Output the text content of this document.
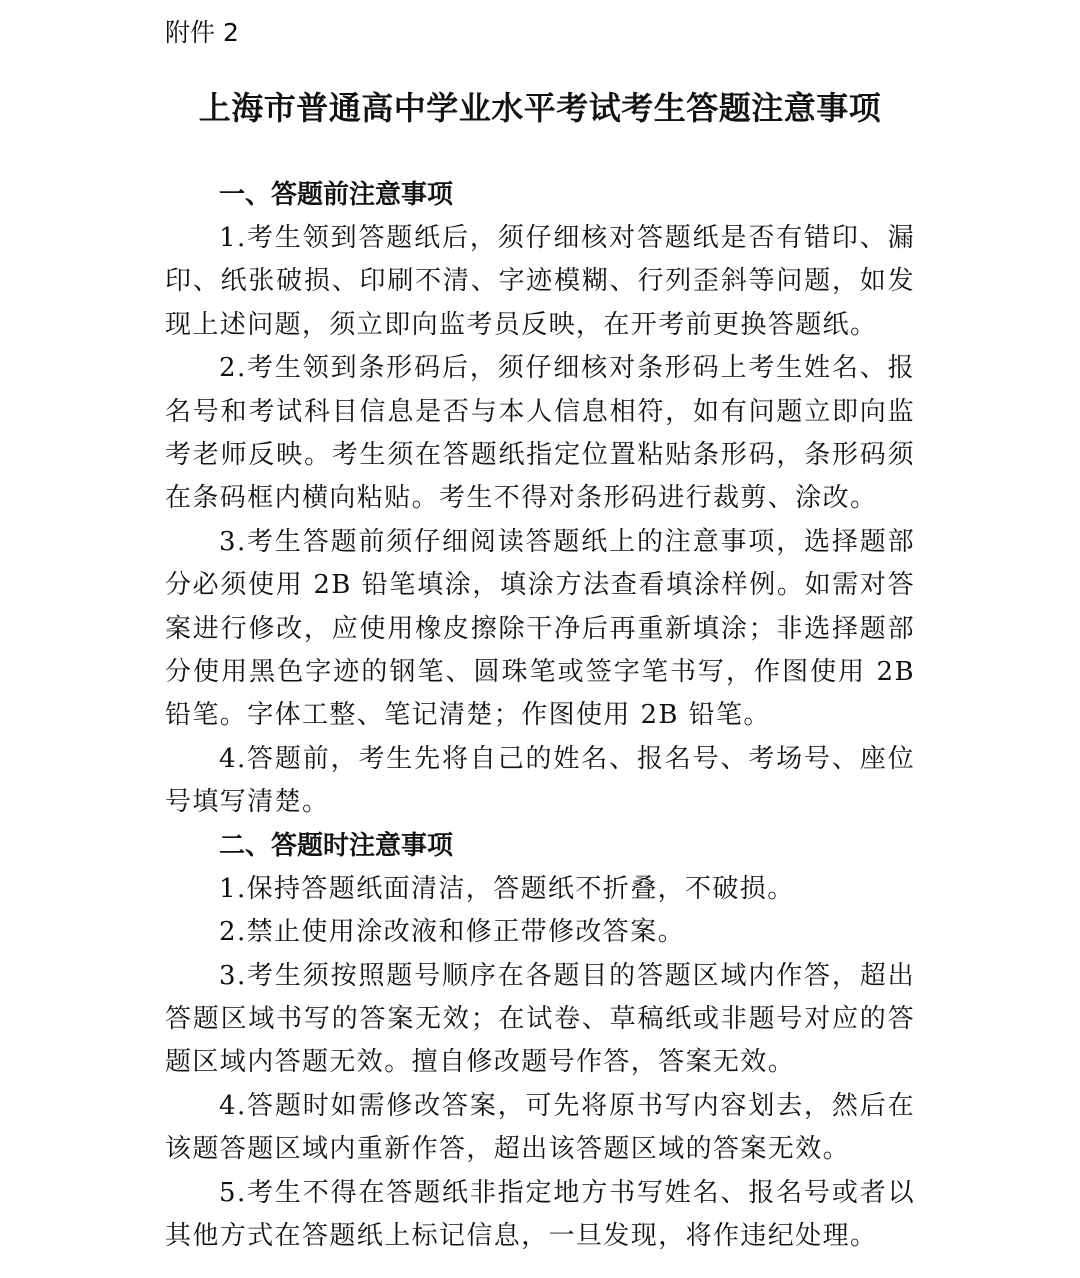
附件 2

上海市普通高中学业水平考试考生答题注意事项
一、答题前注意事项

1.考生领到答题纸后，须仔细核对答题纸是否有错印、漏印、纸张破损、印刷不清、字迹模糊、行列歪斜等问题，如发现上述问题，须立即向监考员反映，在开考前更换答题纸。

2.考生领到条形码后，须仔细核对条形码上考生姓名、报名号和考试科目信息是否与本人信息相符，如有问题立即向监考老师反映。考生须在答题纸指定位置粘贴条形码，条形码须在条码框内横向粘贴。考生不得对条形码进行裁剪、涂改。

3.考生答题前须仔细阅读答题纸上的注意事项，选择题部分必须使用 2B 铅笔填涂，填涂方法查看填涂样例。如需对答案进行修改，应使用橡皮擦除干净后再重新填涂；非选择题部分使用黑色字迹的钢笔、圆珠笔或签字笔书写，作图使用 2B 铅笔。字体工整、笔记清楚；作图使用 2B 铅笔。

4.答题前，考生先将自己的姓名、报名号、考场号、座位号填写清楚。

二、答题时注意事项

1.保持答题纸面清洁，答题纸不折叠，不破损。

2.禁止使用涂改液和修正带修改答案。

3.考生须按照题号顺序在各题目的答题区域内作答，超出答题区域书写的答案无效；在试卷、草稿纸或非题号对应的答题区域内答题无效。擅自修改题号作答，答案无效。

4.答题时如需修改答案，可先将原书写内容划去，然后在该题答题区域内重新作答，超出该答题区域的答案无效。

5.考生不得在答题纸非指定地方书写姓名、报名号或者以其他方式在答题纸上标记信息，一旦发现，将作违纪处理。
